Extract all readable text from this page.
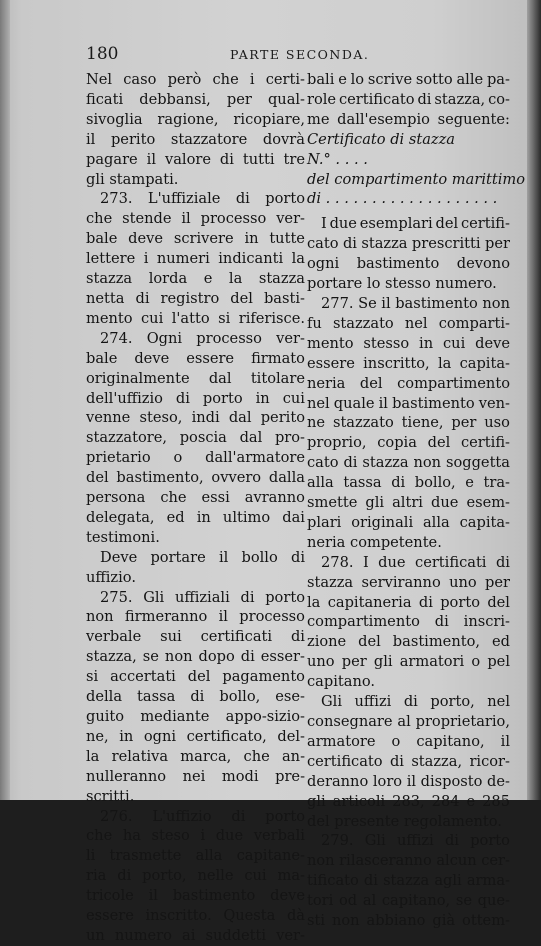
180	PARTE SECONDA.
Nel caso però che i certi-
ficati debbansi, per qual-
sivoglia ragione, ricopiare,
il perito stazzatore dovrà
pagare il valore di tutti tre
gli stampati.
273. L'uffiziale di porto
che stende il processo ver-
bale deve scrivere in tutte
lettere i numeri indicanti la
stazza lorda e la stazza
netta di registro del basti-
mento cui l'atto si riferisce.
274. Ogni processo ver-
bale deve essere firmato
originalmente dal titolare
dell'uffizio di porto in cui
venne steso, indi dal perito
stazzatore, poscia dal pro-
prietario o dall'armatore
del bastimento, ovvero dalla
persona che essi avranno
delegata, ed in ultimo dai
testimoni.
Deve portare il bollo di
uffizio.
275. Gli uffiziali di porto
non firmeranno il processo
verbale sui certificati di
stazza, se non dopo di esser-
si accertati del pagamento
della tassa di bollo, ese-
guito mediante appo-sizio-
ne, in ogni certificato, del-
la relativa marca, che an-
nulleranno nei modi pre-
scritti.
276. L'uffizio di porto
che ha steso i due verbali
li trasmette alla capitane-
ria di porto, nelle cui ma-
tricole il bastimento deve
essere inscritto. Questa dà
un numero ai suddetti ver-
bali e lo scrive sotto alle pa-
role certificato di stazza, co-
me dall'esempio seguente:
Certificato di stazza
N.° . . . .
del compartimento marittimo
di . . . . . . . . . . . . . . . . . . .
I due esemplari del certifi-
cato di stazza prescritti per
ogni bastimento devono
portare lo stesso numero.
277. Se il bastimento non
fu stazzato nel comparti-
mento stesso in cui deve
essere inscritto, la capita-
neria del compartimento
nel quale il bastimento ven-
ne stazzato tiene, per uso
proprio, copia del certifi-
cato di stazza non soggetta
alla tassa di bollo, e tra-
smette gli altri due esem-
plari originali alla capita-
neria competente.
278. I due certificati di
stazza serviranno uno per
la capitaneria di porto del
compartimento di inscri-
zione del bastimento, ed
uno per gli armatori o pel
capitano.
Gli uffizi di porto, nel
consegnare al proprietario,
armatore o capitano, il
certificato di stazza, ricor-
deranno loro il disposto de-
gli articoli 283, 284 e 285
del presente regolamento.
279. Gli uffizi di porto
non rilasceranno alcun cer-
tificato di stazza agli arma-
tori od al capitano, se que-
sti non abbiano già ottem-
